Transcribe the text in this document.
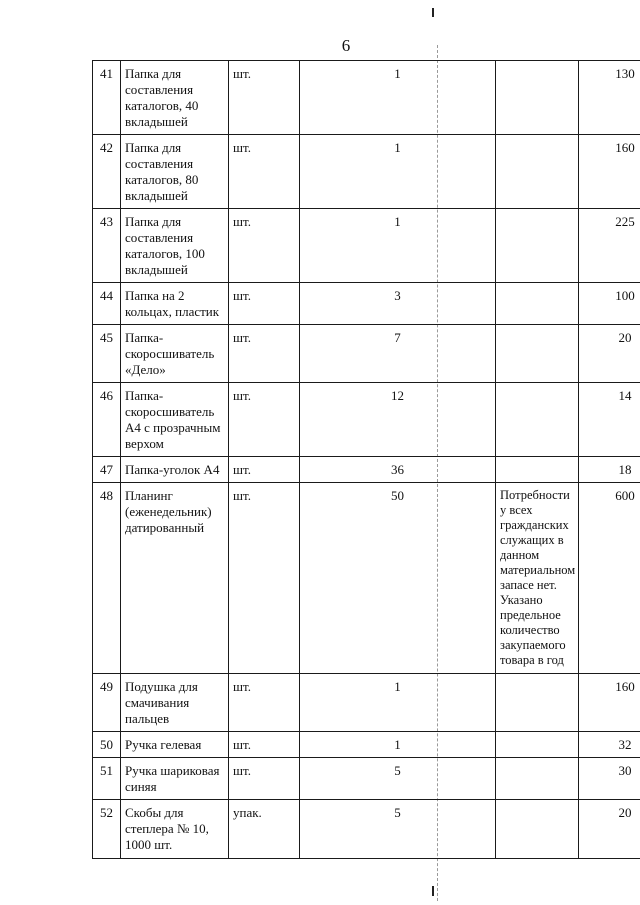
6
41	Папка для составления каталогов, 40 вкладышей	шт.	1		130
42	Папка для составления каталогов, 80 вкладышей	шт.	1		160
43	Папка для составления каталогов, 100 вкладышей	шт.	1		225
44	Папка на 2 кольцах, пластик	шт.	3		100
45	Папка-скоросшиватель «Дело»	шт.	7		20
46	Папка-скоросшиватель А4 с прозрачным верхом	шт.	12		14
47	Папка-уголок А4	шт.	36		18
48	Планинг (еженедельник) датированный	шт.	50	Потребности у всех гражданских служащих в данном материальном запасе нет. Указано предельное количество закупаемого товара в год	600
49	Подушка для смачивания пальцев	шт.	1		160
50	Ручка гелевая	шт.	1		32
51	Ручка шариковая синяя	шт.	5		30
52	Скобы для степлера № 10, 1000 шт.	упак.	5		20
